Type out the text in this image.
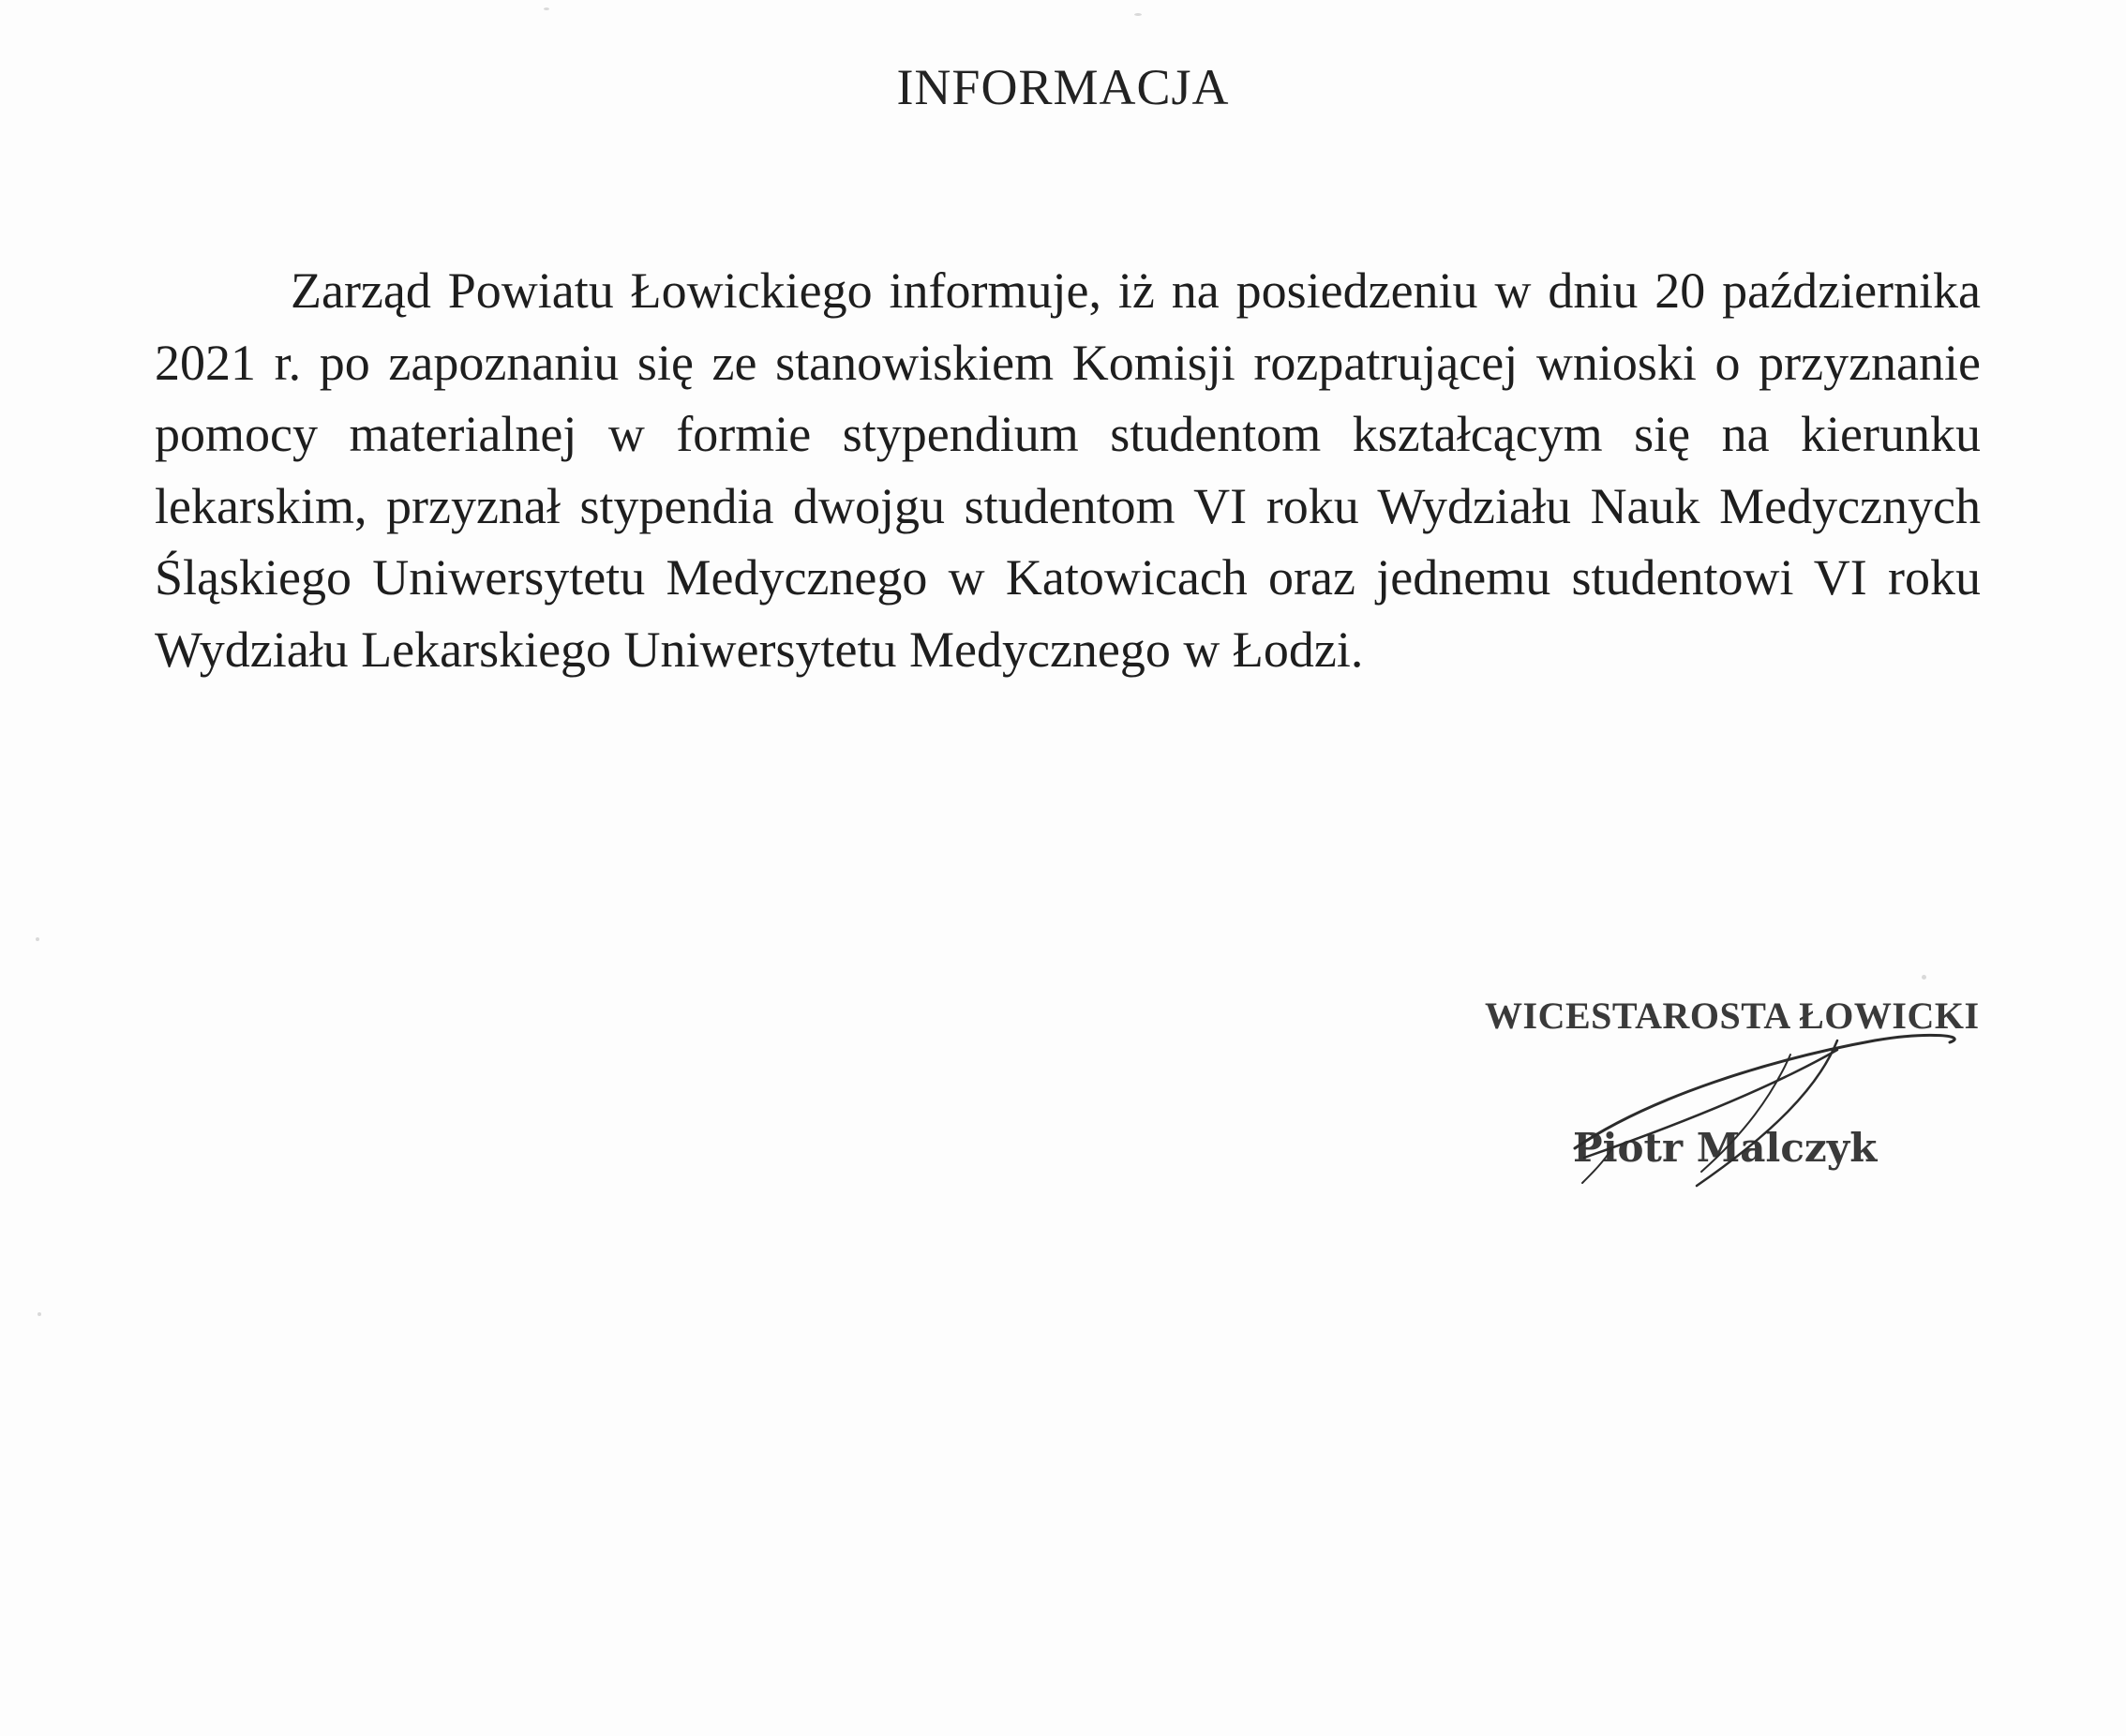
INFORMACJA

Zarząd Powiatu Łowickiego informuje, iż na posiedzeniu w dniu 20 października 2021 r. po zapoznaniu się ze stanowiskiem Komisji rozpatrującej wnioski o przyznanie pomocy materialnej w formie stypendium studentom kształcącym się na kierunku lekarskim, przyznał stypendia dwojgu studentom VI roku Wydziału Nauk Medycznych Śląskiego Uniwersytetu Medycznego w Katowicach oraz jednemu studentowi VI roku Wydziału Lekarskiego Uniwersytetu Medycznego w Łodzi.

WICESTAROSTA ŁOWICKI
Piotr Malczyk
